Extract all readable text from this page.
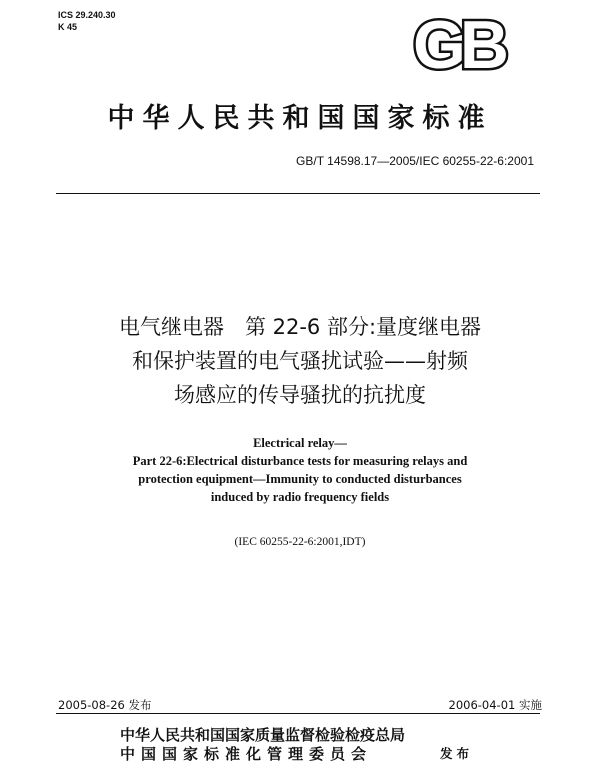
ICS 29.240.30
K 45	GB
中华人民共和国国家标准
GB/T 14598.17—2005/IEC 60255-22-6:2001
电气继电器　第 22-6 部分:量度继电器
和保护装置的电气骚扰试验——射频
场感应的传导骚扰的抗扰度
Electrical relay—
Part 22-6:Electrical disturbance tests for measuring relays and
protection equipment—Immunity to conducted disturbances
induced by radio frequency fields
(IEC 60255-22-6:2001,IDT)
2005-08-26 发布	2006-04-01 实施
中华人民共和国国家质量监督检验检疫总局
中国国家标准化管理委员会	发布
